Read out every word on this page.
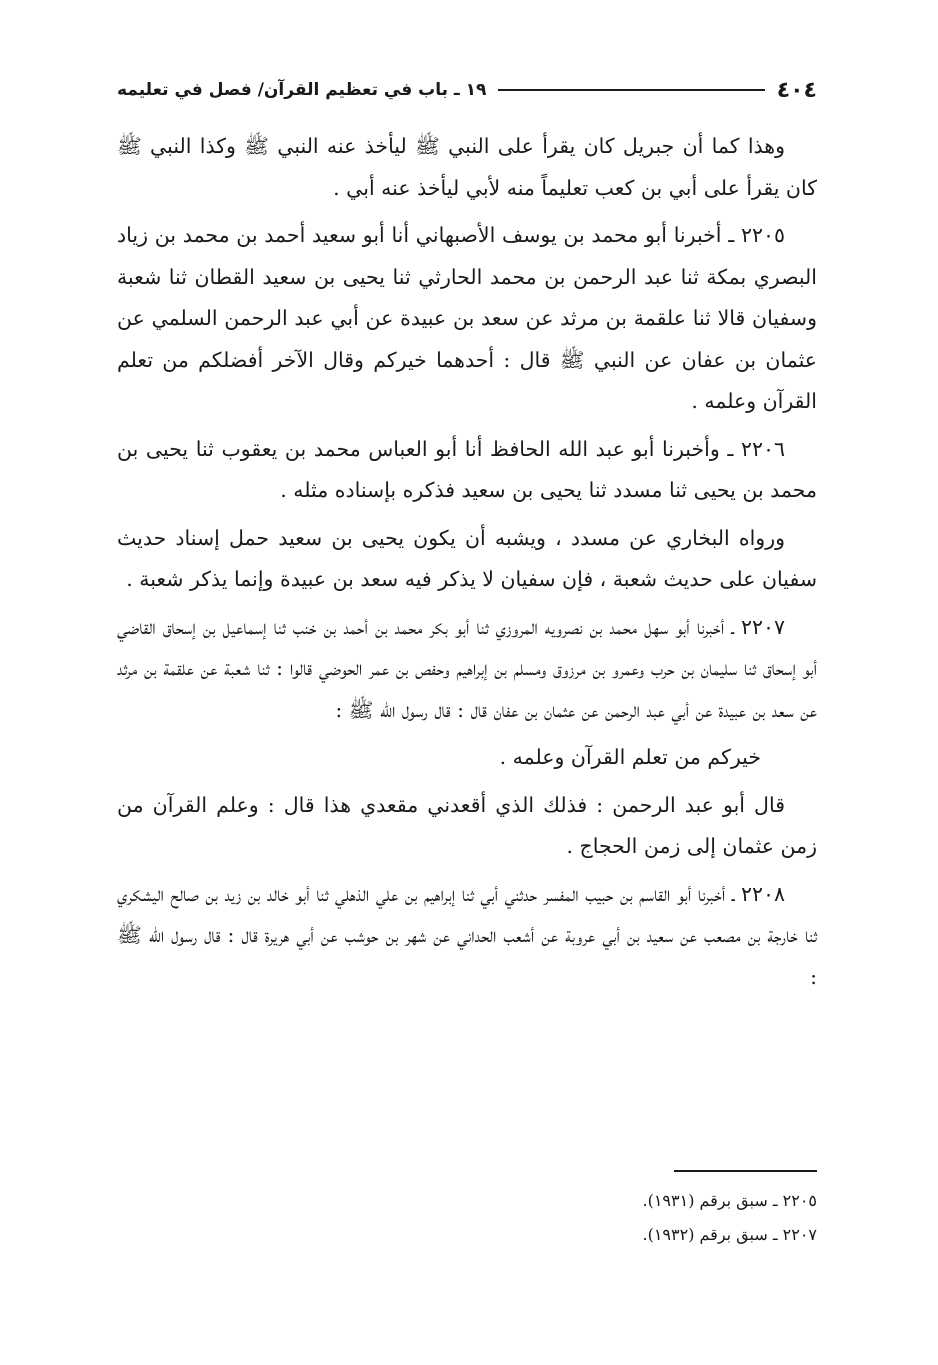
٤٠٤
١٩ ـ باب في تعظيم القرآن/ فصل في تعليمه

وهذا كما أن جبريل كان يقرأ على النبي ﷺ ليأخذ عنه النبي ﷺ وكذا النبي ﷺ كان يقرأ على أبي بن كعب تعليماً منه لأبي ليأخذ عنه أبي .

٢٢٠٥ ـ أخبرنا أبو محمد بن يوسف الأصبهاني أنا أبو سعيد أحمد بن محمد بن زياد البصري بمكة ثنا عبد الرحمن بن محمد الحارثي ثنا يحيى بن سعيد القطان ثنا شعبة وسفيان قالا ثنا علقمة بن مرثد عن سعد بن عبيدة عن أبي عبد الرحمن السلمي عن عثمان بن عفان عن النبي ﷺ قال : أحدهما خيركم وقال الآخر أفضلكم من تعلم القرآن وعلمه .

٢٢٠٦ ـ وأخبرنا أبو عبد الله الحافظ أنا أبو العباس محمد بن يعقوب ثنا يحيى بن محمد بن يحيى ثنا مسدد ثنا يحيى بن سعيد فذكره بإسناده مثله .

ورواه البخاري عن مسدد ، ويشبه أن يكون يحيى بن سعيد حمل إسناد حديث سفيان على حديث شعبة ، فإن سفيان لا يذكر فيه سعد بن عبيدة وإنما يذكر شعبة .

٢٢٠٧ ـ أخبرنا أبو سهل محمد بن نصرويه المروزي ثنا أبو بكر محمد بن أحمد بن خنب ثنا إسماعيل بن إسحاق القاضي أبو إسحاق ثنا سليمان بن حرب وعمرو بن مرزوق ومسلم بن إبراهيم وحفص بن عمر الحوضي قالوا : ثنا شعبة عن علقمة بن مرثد عن سعد بن عبيدة عن أبي عبد الرحمن عن عثمان بن عفان قال : قال رسول الله ﷺ :

خيركم من تعلم القرآن وعلمه .

قال أبو عبد الرحمن : فذلك الذي أقعدني مقعدي هذا قال : وعلم القرآن من زمن عثمان إلى زمن الحجاج .

٢٢٠٨ ـ أخبرنا أبو القاسم بن حبيب المفسر حدثني أبي ثنا إبراهيم بن علي الذهلي ثنا أبو خالد بن زيد بن صالح اليشكري ثنا خارجة بن مصعب عن سعيد بن أبي عروبة عن أشعب الحداني عن شهر بن حوشب عن أبي هريرة قال : قال رسول الله ﷺ :

٢٢٠٥ ـ سبق برقم (١٩٣١).

٢٢٠٧ ـ سبق برقم (١٩٣٢).
